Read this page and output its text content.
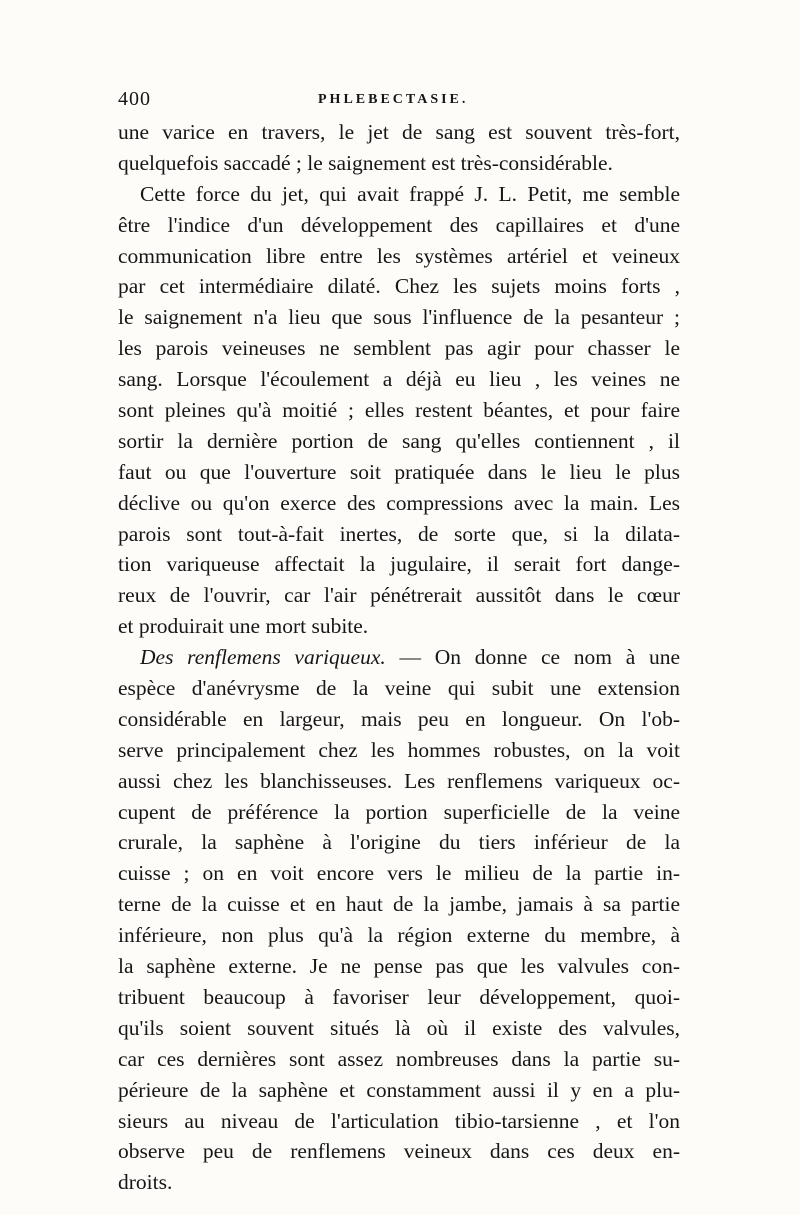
400	PHLEBECTASIE.
une varice en travers, le jet de sang est souvent très-fort,
quelquefois saccadé ; le saignement est très-considérable.
Cette force du jet, qui avait frappé J. L. Petit, me semble
être l'indice d'un développement des capillaires et d'une
communication libre entre les systèmes artériel et veineux
par cet intermédiaire dilaté. Chez les sujets moins forts ,
le saignement n'a lieu que sous l'influence de la pesanteur ;
les parois veineuses ne semblent pas agir pour chasser le
sang. Lorsque l'écoulement a déjà eu lieu , les veines ne
sont pleines qu'à moitié ; elles restent béantes, et pour faire
sortir la dernière portion de sang qu'elles contiennent , il
faut ou que l'ouverture soit pratiquée dans le lieu le plus
déclive ou qu'on exerce des compressions avec la main. Les
parois sont tout-à-fait inertes, de sorte que, si la dilata-
tion variqueuse affectait la jugulaire, il serait fort dange-
reux de l'ouvrir, car l'air pénétrerait aussitôt dans le cœur
et produirait une mort subite.
Des renflemens variqueux. — On donne ce nom à une
espèce d'anévrysme de la veine qui subit une extension
considérable en largeur, mais peu en longueur. On l'ob-
serve principalement chez les hommes robustes, on la voit
aussi chez les blanchisseuses. Les renflemens variqueux oc-
cupent de préférence la portion superficielle de la veine
crurale, la saphène à l'origine du tiers inférieur de la
cuisse ; on en voit encore vers le milieu de la partie in-
terne de la cuisse et en haut de la jambe, jamais à sa partie
inférieure, non plus qu'à la région externe du membre, à
la saphène externe. Je ne pense pas que les valvules con-
tribuent beaucoup à favoriser leur développement, quoi-
qu'ils soient souvent situés là où il existe des valvules,
car ces dernières sont assez nombreuses dans la partie su-
périeure de la saphène et constamment aussi il y en a plu-
sieurs au niveau de l'articulation tibio-tarsienne , et l'on
observe peu de renflemens veineux dans ces deux en-
droits.
